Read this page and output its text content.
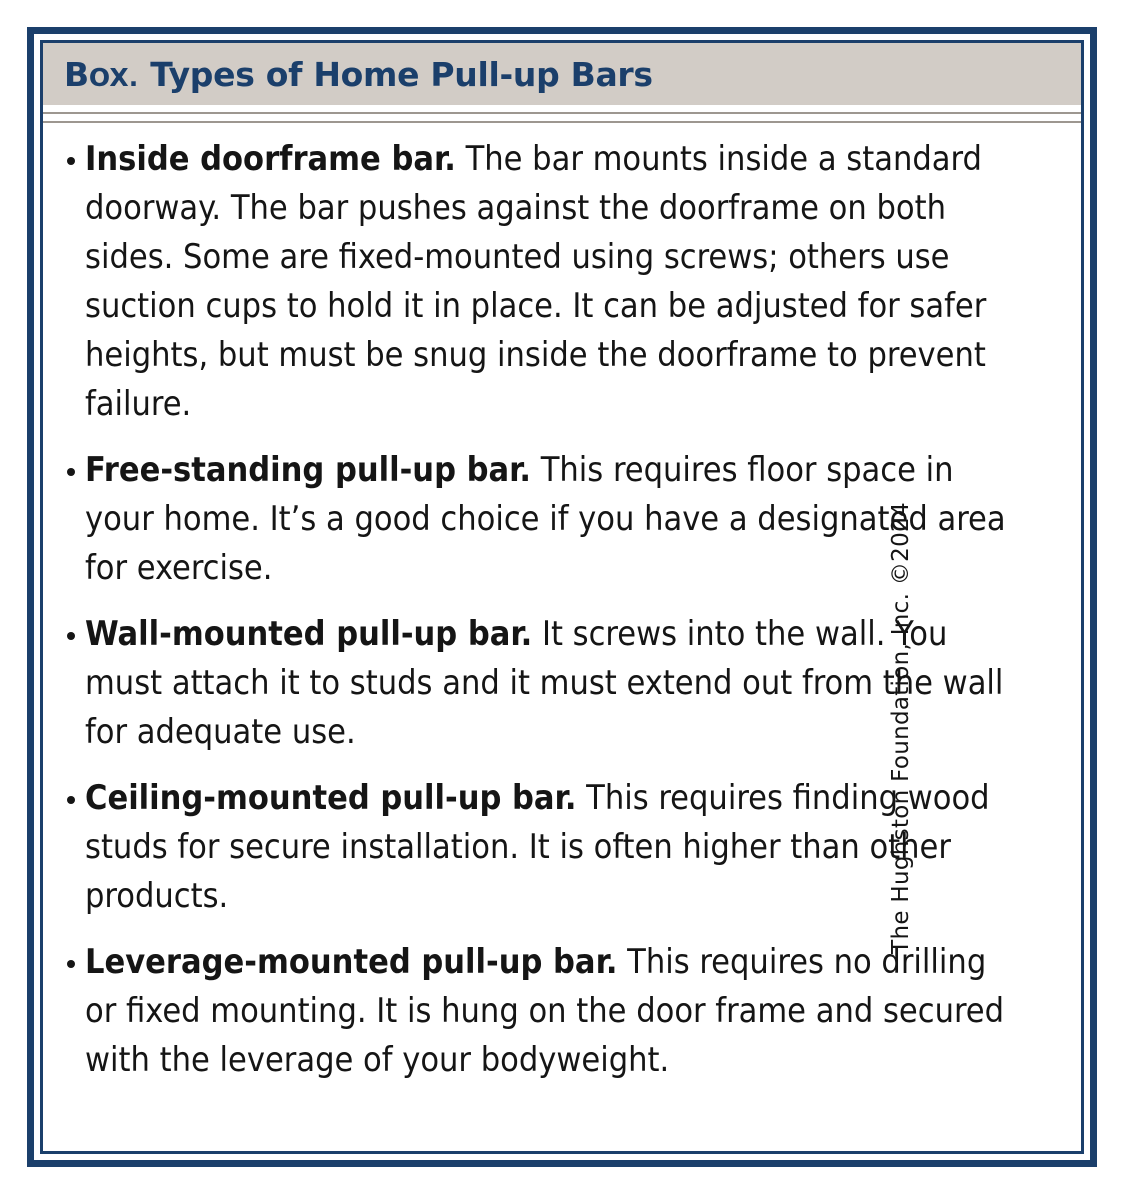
BOX. Types of Home Pull-up Bars
Inside doorframe bar. The bar mounts inside a standard doorway. The bar pushes against the doorframe on both sides. Some are fixed-mounted using screws; others use suction cups to hold it in place. It can be adjusted for safer heights, but must be snug inside the doorframe to prevent failure.
Free-standing pull-up bar. This requires floor space in your home. It’s a good choice if you have a designated area for exercise.
Wall-mounted pull-up bar. It screws into the wall. You must attach it to studs and it must extend out from the wall for adequate use.
Ceiling-mounted pull-up bar. This requires finding wood studs for secure installation. It is often higher than other products.
Leverage-mounted pull-up bar. This requires no drilling or fixed mounting. It is hung on the door frame and secured with the leverage of your bodyweight.
The Hughston Foundation, Inc. ©2024
